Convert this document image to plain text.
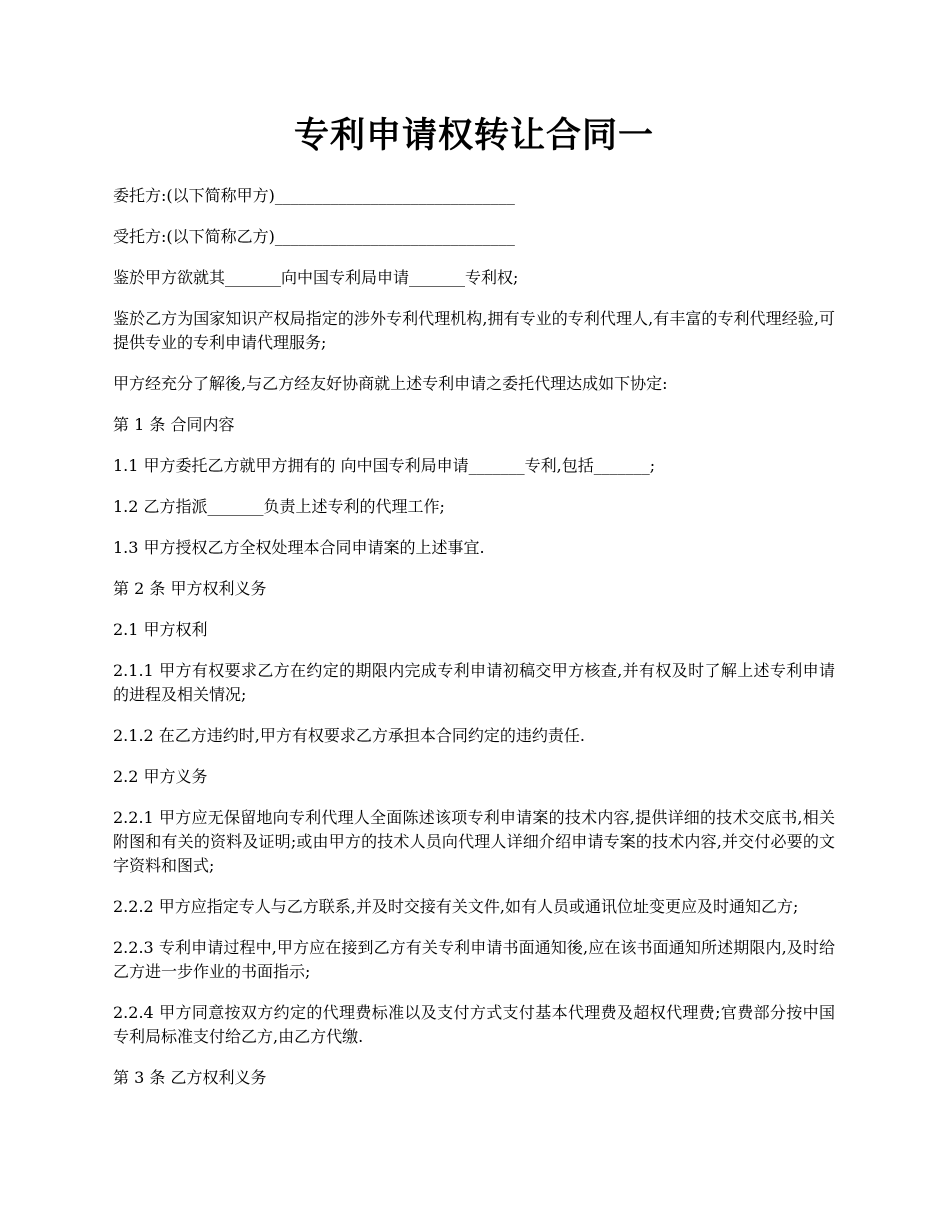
专利申请权转让合同一

委托方:(以下简称甲方)______________________________

受托方:(以下简称乙方)______________________________

鉴於甲方欲就其_______向中国专利局申请_______专利权;

鉴於乙方为国家知识产权局指定的涉外专利代理机构,拥有专业的专利代理人,有丰富的专利代理经验,可提供专业的专利申请代理服务;

甲方经充分了解後,与乙方经友好协商就上述专利申请之委托代理达成如下协定:

第 1 条 合同内容

1.1 甲方委托乙方就甲方拥有的 向中国专利局申请_______专利,包括_______;

1.2 乙方指派_______负责上述专利的代理工作;

1.3 甲方授权乙方全权处理本合同申请案的上述事宜.

第 2 条 甲方权利义务

2.1 甲方权利

2.1.1 甲方有权要求乙方在约定的期限内完成专利申请初稿交甲方核查,并有权及时了解上述专利申请的进程及相关情况;

2.1.2 在乙方违约时,甲方有权要求乙方承担本合同约定的违约责任.

2.2 甲方义务

2.2.1 甲方应无保留地向专利代理人全面陈述该项专利申请案的技术内容,提供详细的技术交底书,相关附图和有关的资料及证明;或由甲方的技术人员向代理人详细介绍申请专案的技术内容,并交付必要的文字资料和图式;

2.2.2 甲方应指定专人与乙方联系,并及时交接有关文件,如有人员或通讯位址变更应及时通知乙方;

2.2.3 专利申请过程中,甲方应在接到乙方有关专利申请书面通知後,应在该书面通知所述期限内,及时给乙方进一步作业的书面指示;

2.2.4 甲方同意按双方约定的代理费标准以及支付方式支付基本代理费及超权代理费;官费部分按中国专利局标准支付给乙方,由乙方代缴.

第 3 条 乙方权利义务
